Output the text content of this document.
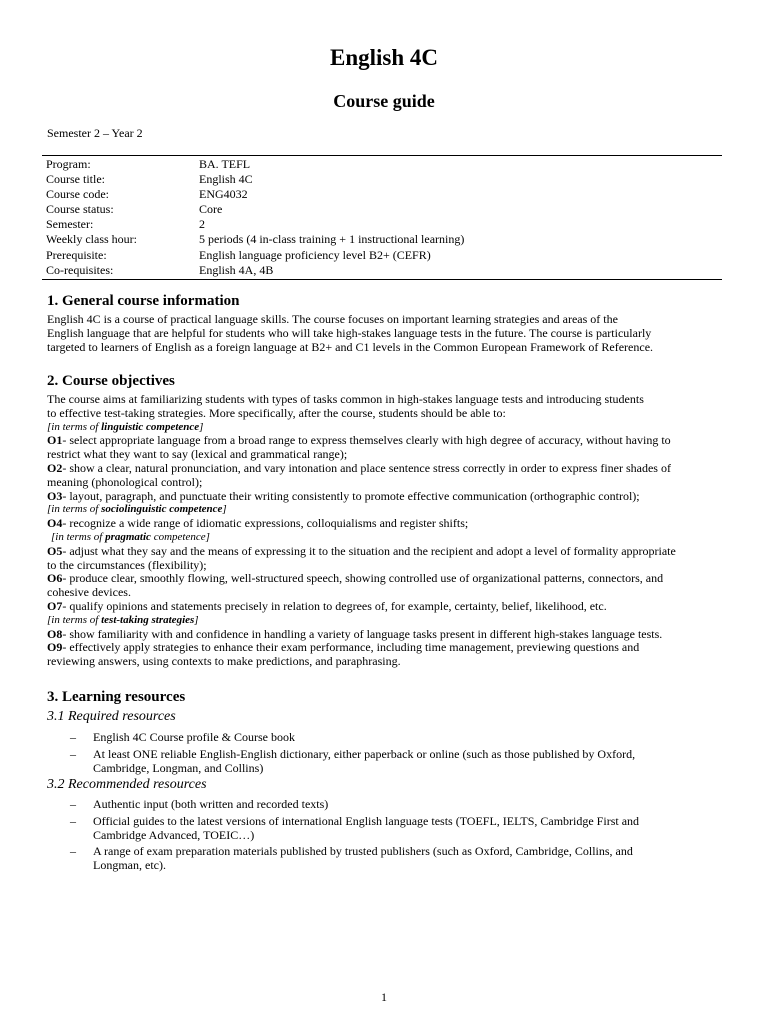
English 4C
Course guide
Semester 2 – Year 2
Program:	BA. TEFL
Course title:	English 4C
Course code:	ENG4032
Course status:	Core
Semester:	2
Weekly class hour:	5 periods (4 in-class training + 1 instructional learning)
Prerequisite:	English language proficiency level B2+ (CEFR)
Co-requisites:	English 4A, 4B
1. General course information
English 4C is a course of practical language skills. The course focuses on important learning strategies and areas of the
English language that are helpful for students who will take high-stakes language tests in the future. The course is particularly
targeted to learners of English as a foreign language at B2+ and C1 levels in the Common European Framework of Reference.
2. Course objectives
The course aims at familiarizing students with types of tasks common in high-stakes language tests and introducing students
to effective test-taking strategies. More specifically, after the course, students should be able to:
[in terms of linguistic competence]
O1- select appropriate language from a broad range to express themselves clearly with high degree of accuracy, without having to
restrict what they want to say (lexical and grammatical range);
O2- show a clear, natural pronunciation, and vary intonation and place sentence stress correctly in order to express finer shades of
meaning (phonological control);
O3- layout, paragraph, and punctuate their writing consistently to promote effective communication (orthographic control);
[in terms of sociolinguistic competence]
O4- recognize a wide range of idiomatic expressions, colloquialisms and register shifts;
[in terms of pragmatic competence]
O5- adjust what they say and the means of expressing it to the situation and the recipient and adopt a level of formality appropriate
to the circumstances (flexibility);
O6- produce clear, smoothly flowing, well-structured speech, showing controlled use of organizational patterns, connectors, and
cohesive devices.
O7- qualify opinions and statements precisely in relation to degrees of, for example, certainty, belief, likelihood, etc.
[in terms of test-taking strategies]
O8- show familiarity with and confidence in handling a variety of language tasks present in different high-stakes language tests.
O9- effectively apply strategies to enhance their exam performance, including time management, previewing questions and
reviewing answers, using contexts to make predictions, and paraphrasing.
3. Learning resources
3.1 Required resources
– English 4C Course profile & Course book
– At least ONE reliable English-English dictionary, either paperback or online (such as those published by Oxford,
Cambridge, Longman, and Collins)
3.2 Recommended resources
– Authentic input (both written and recorded texts)
– Official guides to the latest versions of international English language tests (TOEFL, IELTS, Cambridge First and
Cambridge Advanced, TOEIC…)
– A range of exam preparation materials published by trusted publishers (such as Oxford, Cambridge, Collins, and
Longman, etc).
1
